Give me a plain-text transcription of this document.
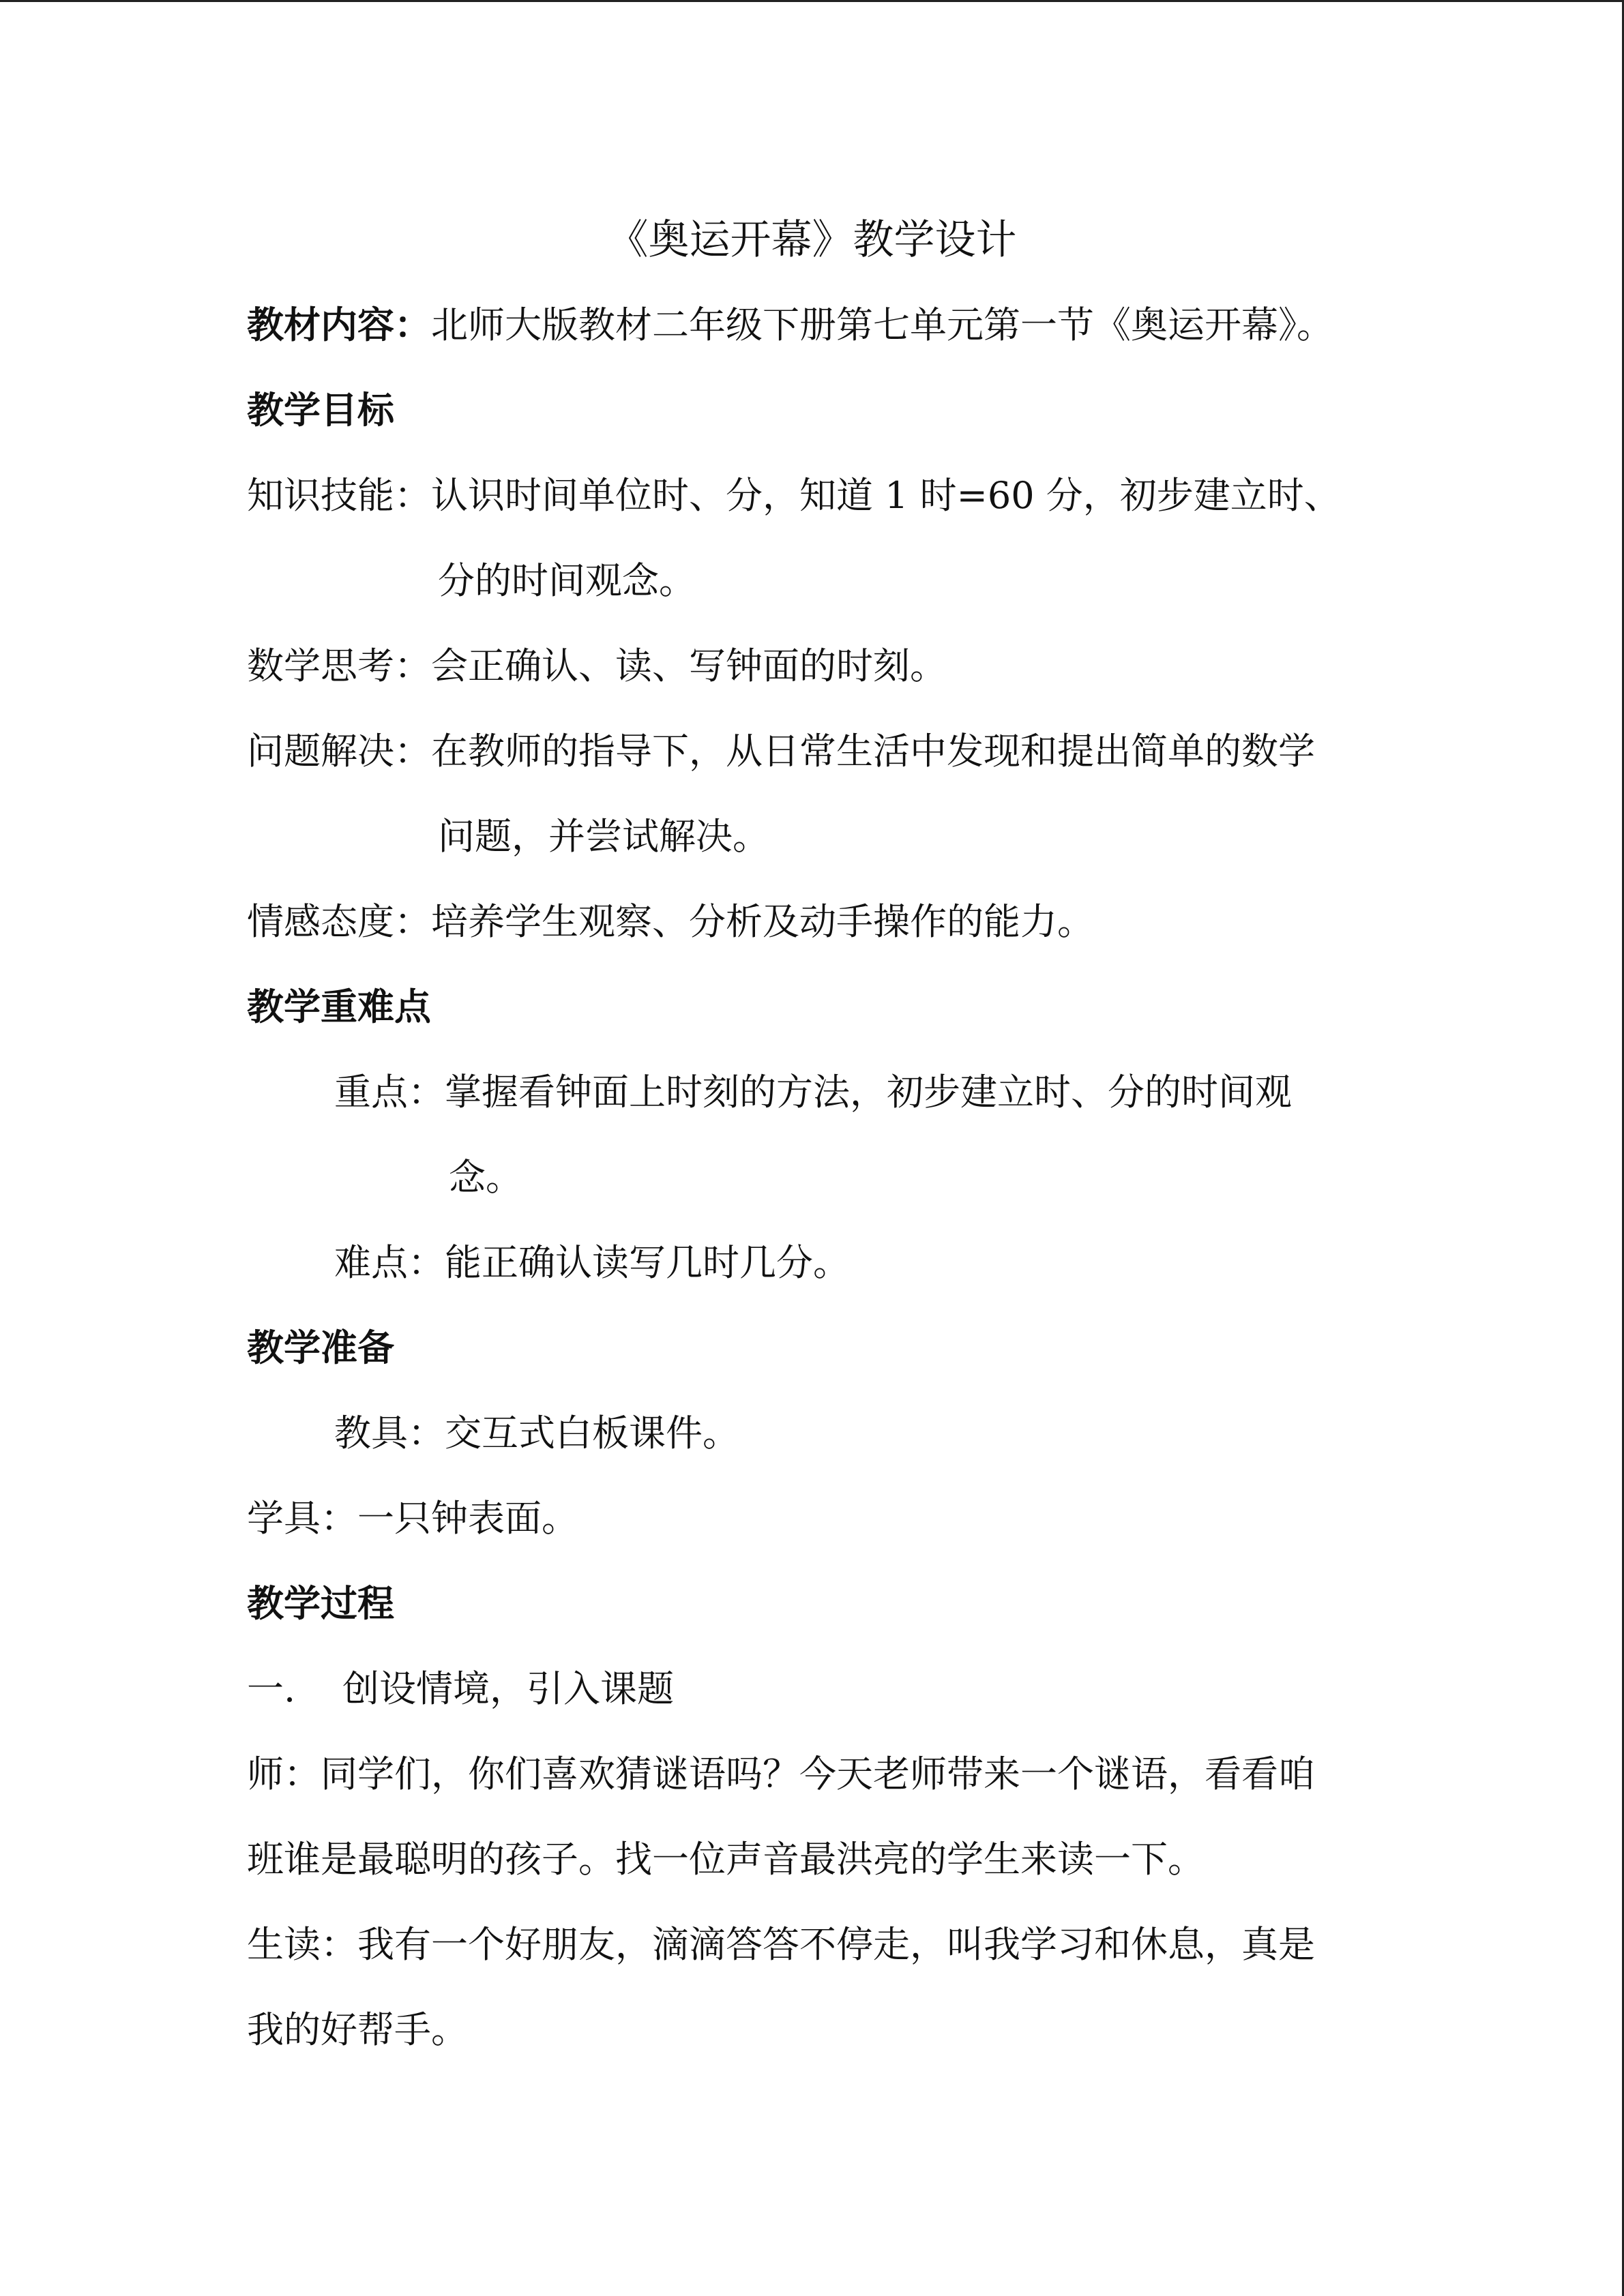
《奥运开幕》教学设计
教材内容：北师大版教材二年级下册第七单元第一节《奥运开幕》。
教学目标
知识技能：认识时间单位时、分，知道 1 时=60 分，初步建立时、
分的时间观念。
数学思考：会正确认、读、写钟面的时刻。
问题解决：在教师的指导下，从日常生活中发现和提出简单的数学
问题，并尝试解决。
情感态度：培养学生观察、分析及动手操作的能力。
教学重难点
重点：掌握看钟面上时刻的方法，初步建立时、分的时间观
念。
难点：能正确认读写几时几分。
教学准备
教具：交互式白板课件。
学具：一只钟表面。
教学过程
一. 创设情境，引入课题
师：同学们，你们喜欢猜谜语吗？今天老师带来一个谜语，看看咱
班谁是最聪明的孩子。找一位声音最洪亮的学生来读一下。
生读：我有一个好朋友，滴滴答答不停走，叫我学习和休息，真是
我的好帮手。
